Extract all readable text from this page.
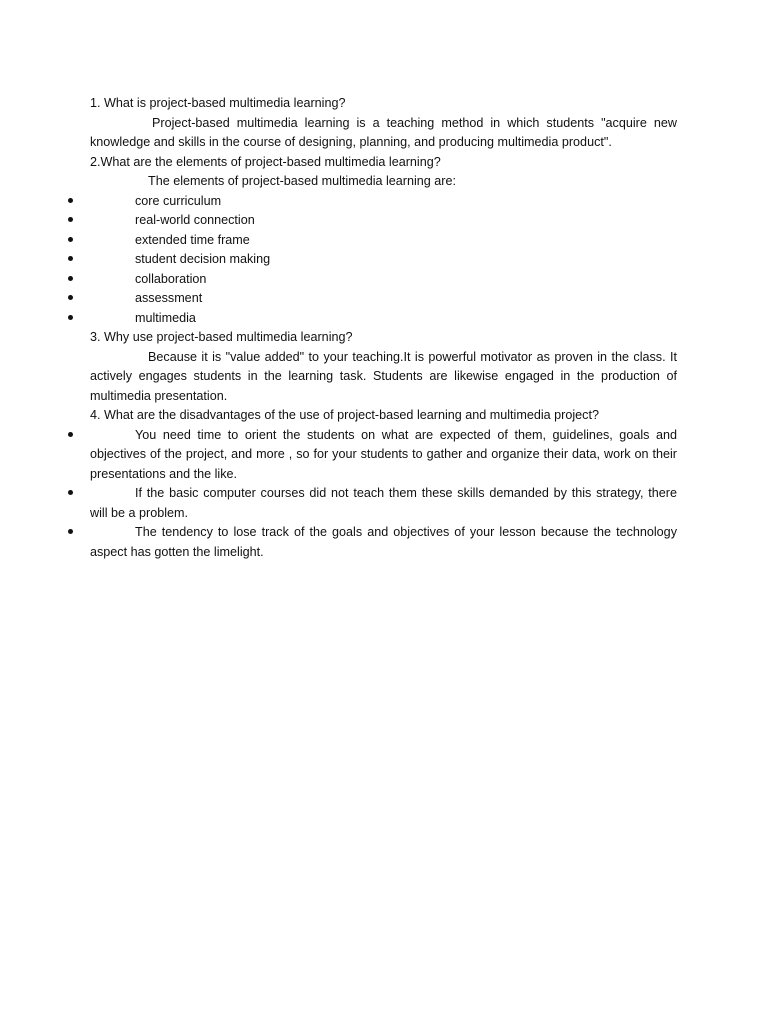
1. What is project-based multimedia learning?
Project-based multimedia learning is a teaching method in which students "acquire new knowledge and skills in the course of designing, planning, and producing multimedia product".
2.What are the elements of project-based multimedia learning?
The elements of project-based multimedia learning are:
core curriculum
real-world connection
extended time frame
student decision making
collaboration
assessment
multimedia
3. Why use project-based multimedia learning?
Because it is "value added" to your teaching.It is powerful motivator as proven in the class. It actively engages students in the learning task. Students are likewise engaged in the production of multimedia presentation.
4. What are the disadvantages of the use of project-based learning and multimedia project?
You need time to orient the students on what are expected of them, guidelines, goals and objectives of the project, and more , so for your students to gather and organize their data, work on their presentations and the like.
If the basic computer courses did not teach them these skills demanded by this strategy, there will be a problem.
The tendency to lose track of the goals and objectives of your lesson because the technology aspect has gotten the limelight.
